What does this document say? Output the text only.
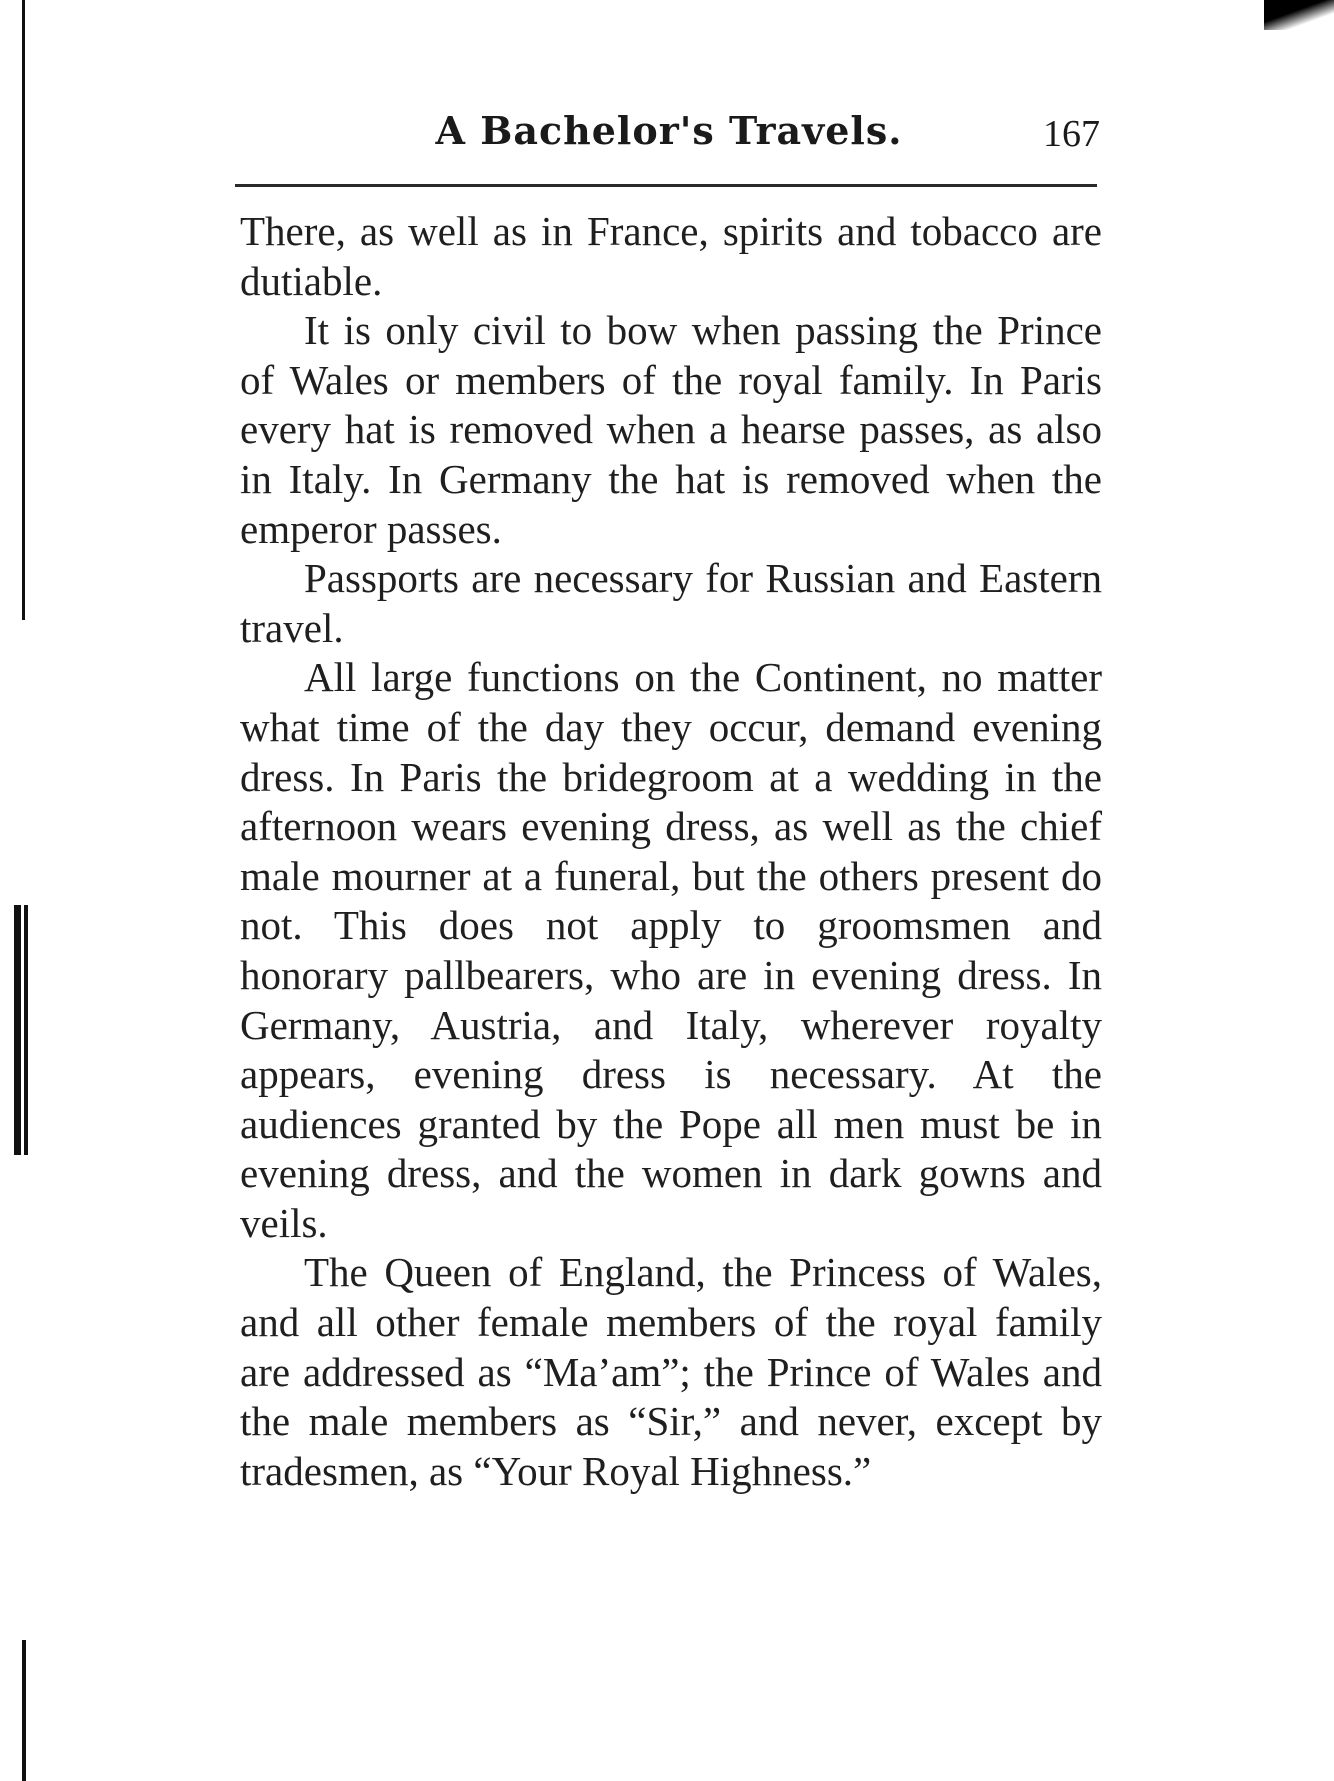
A Bachelor's Travels.	167

There, as well as in France, spirits and tobacco are dutiable.

It is only civil to bow when passing the Prince of Wales or members of the royal family. In Paris every hat is removed when a hearse passes, as also in Italy. In Germany the hat is removed when the emperor passes.

Passports are necessary for Russian and Eastern travel.

All large functions on the Continent, no matter what time of the day they occur, demand evening dress. In Paris the bridegroom at a wedding in the afternoon wears evening dress, as well as the chief male mourner at a funeral, but the others present do not. This does not apply to groomsmen and honorary pallbearers, who are in evening dress. In Germany, Austria, and Italy, wherever royalty appears, evening dress is necessary. At the audiences granted by the Pope all men must be in evening dress, and the women in dark gowns and veils.

The Queen of England, the Princess of Wales, and all other female members of the royal family are addressed as “Ma’am”; the Prince of Wales and the male members as “Sir,” and never, except by tradesmen, as “Your Royal Highness.”
